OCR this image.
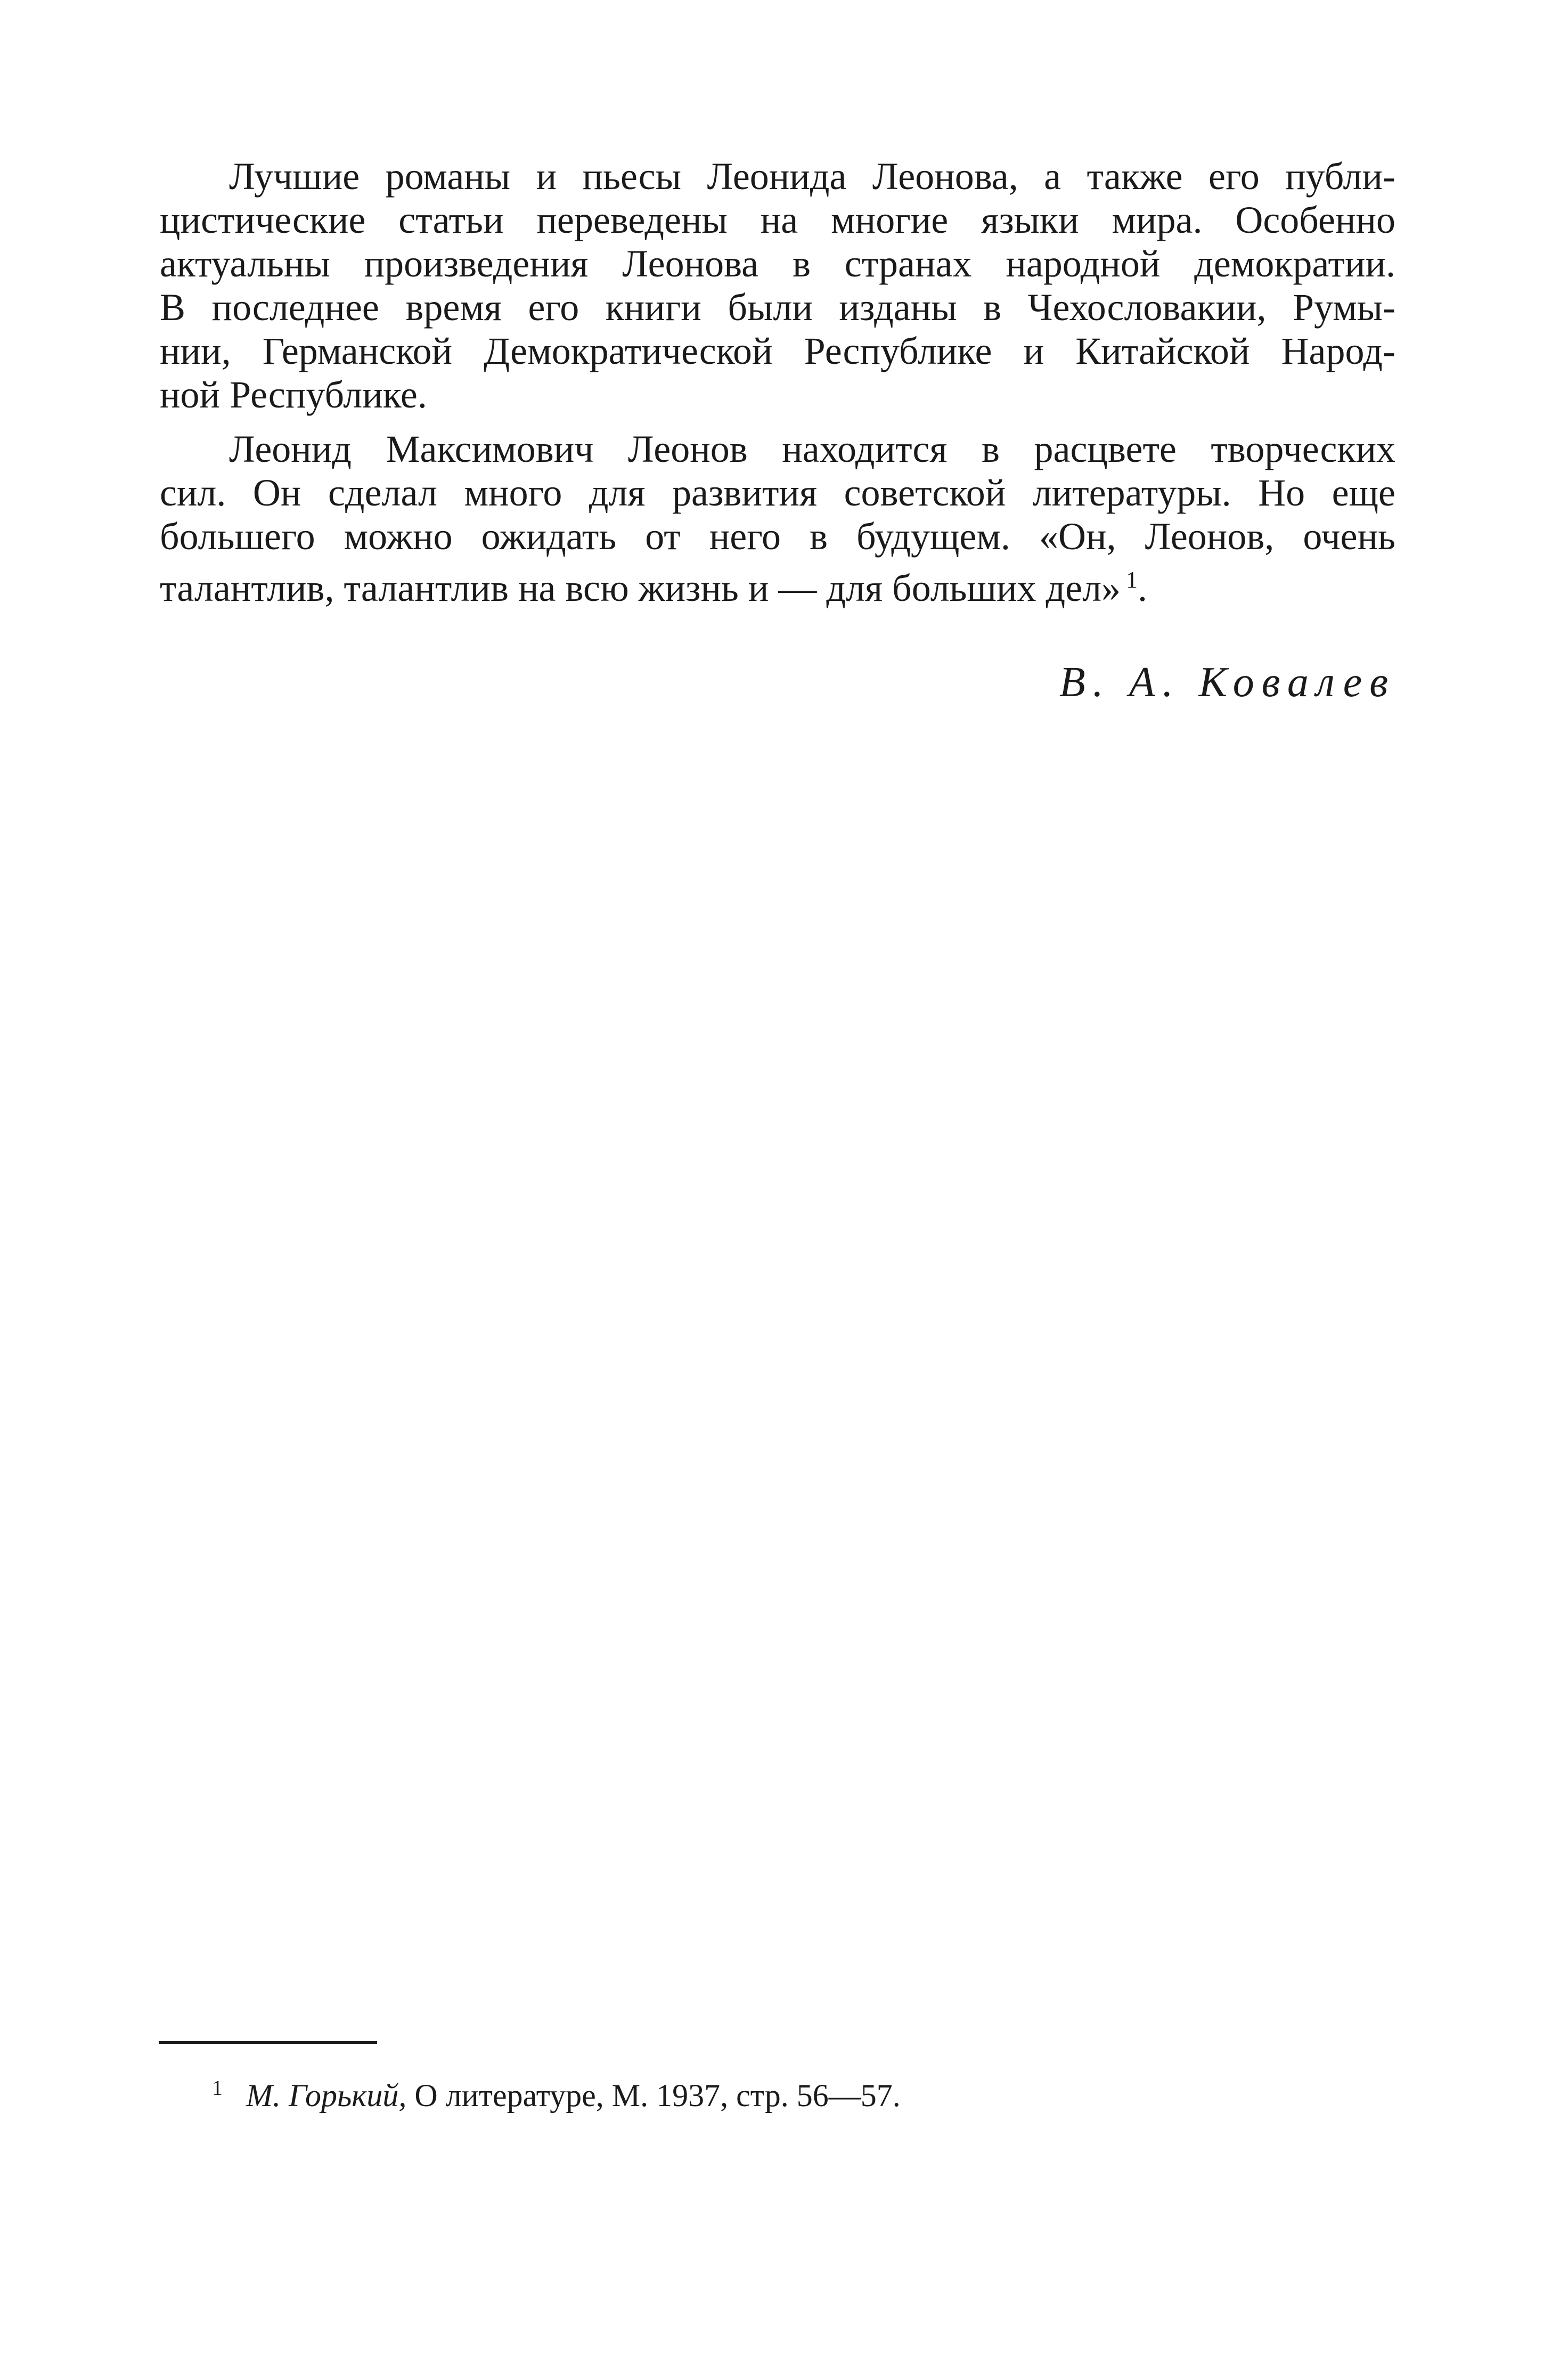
Лучшие романы и пьесы Леонида Леонова, а также его публи-
цистические статьи переведены на многие языки мира. Особенно
актуальны произведения Леонова в странах народной демократии.
В последнее время его книги были изданы в Чехословакии, Румы-
нии, Германской Демократической Республике и Китайской Народ-
ной Республике.
Леонид Максимович Леонов находится в расцвете творческих
сил. Он сделал много для развития советской литературы. Но еще
большего можно ожидать от него в будущем. «Он, Леонов, очень
талантлив, талантлив на всю жизнь и — для больших дел» $^1$.
В. А. Ковалев
$^1$ М. Горький, О литературе, М. 1937, стр. 56—57.
